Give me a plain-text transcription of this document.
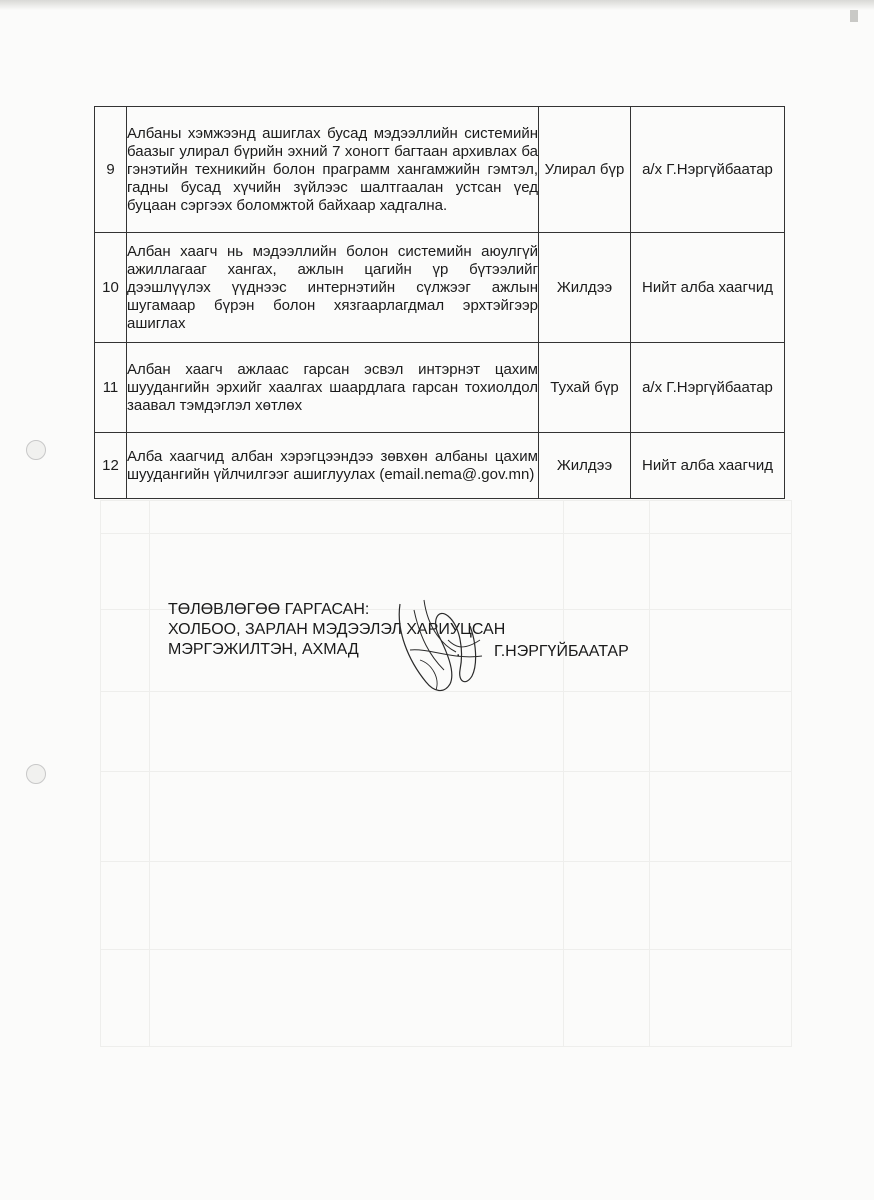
9	Албаны хэмжээнд ашиглах бусад мэдээллийн системийн баазыг улирал бүрийн эхний 7 хоногт багтаан архивлах ба гэнэтийн техникийн болон праграмм хангамжийн гэмтэл, гадны бусад хүчийн зүйлээс шалтгаалан устсан үед буцаан сэргээх боломжтой байхаар хадгална.	Улирал бүр	а/х Г.Нэргүйбаатар
10	Албан хаагч нь мэдээллийн болон системийн аюулгүй ажиллагааг хангах, ажлын цагийн үр бүтээлийг дээшлүүлэх үүднээс интернэтийн сүлжээг ажлын шугамаар бүрэн болон хязгаарлагдмал эрхтэйгээр ашиглах	Жилдээ	Нийт алба хаагчид
11	Албан хаагч ажлаас гарсан эсвэл интэрнэт цахим шуудангийн эрхийг хаалгах шаардлага гарсан тохиолдол заавал тэмдэглэл хөтлөх	Тухай бүр	а/х Г.Нэргүйбаатар
12	Алба хаагчид албан хэрэгцээндээ зөвхөн албаны цахим шуудангийн үйлчилгээг ашиглуулах (email.nema@.gov.mn)	Жилдээ	Нийт алба хаагчид
ТӨЛӨВЛӨГӨӨ ГАРГАСАН:
ХОЛБОО, ЗАРЛАН МЭДЭЭЛЭЛ ХАРИУЦСАН
МЭРГЭЖИЛТЭН, АХМАД	. Г.НЭРГҮЙБААТАР
